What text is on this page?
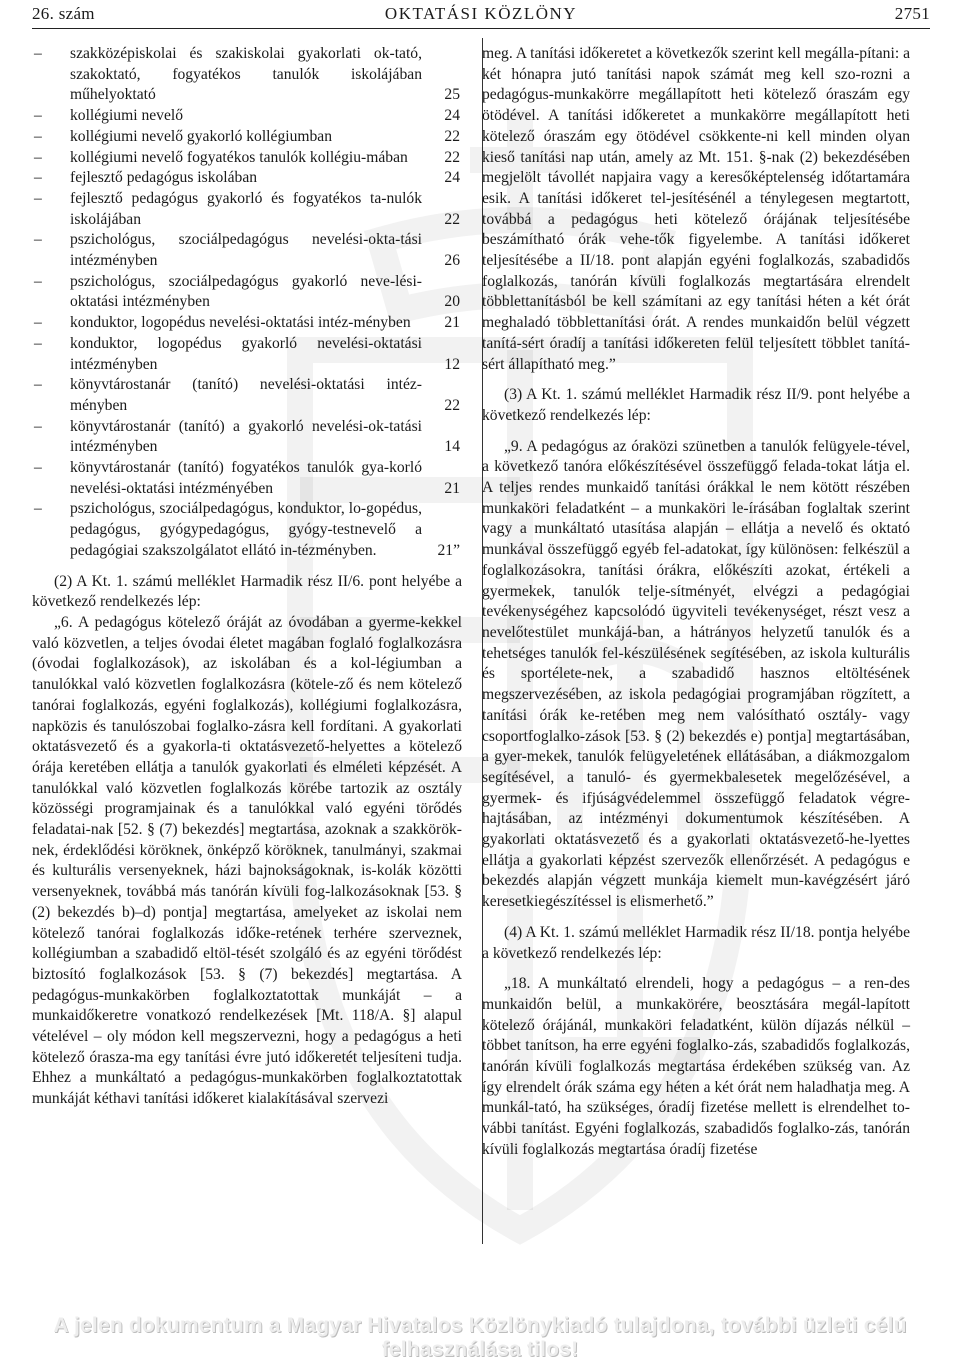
26. szám	OKTATÁSI KÖZLÖNY	2751
– szakközépiskolai és szakiskolai gyakorlati ok-tató, szakoktató, fogyatékos tanulók iskolájában műhelyoktató	25
– kollégiumi nevelő	24
– kollégiumi nevelő gyakorló kollégiumban	22
– kollégiumi nevelő fogyatékos tanulók kollégiu-mában	22
– fejlesztő pedagógus iskolában	24
– fejlesztő pedagógus gyakorló és fogyatékos ta-nulók iskolájában	22
– pszichológus, szociálpedagógus nevelési-okta-tási intézményben	26
– pszichológus, szociálpedagógus gyakorló neve-lési-oktatási intézményben	20
– konduktor, logopédus nevelési-oktatási intéz-ményben	21
– konduktor, logopédus gyakorló nevelési-oktatási intézményben	12
– könyvtárostanár (tanító) nevelési-oktatási intéz-ményben	22
– könyvtárostanár (tanító) a gyakorló nevelési-ok-tatási intézményben	14
– könyvtárostanár (tanító) fogyatékos tanulók gya-korló nevelési-oktatási intézményében	21
– pszichológus, szociálpedagógus, konduktor, lo-gopédus, pedagógus, gyógypedagógus, gyógy-testnevelő a pedagógiai szakszolgálatot ellátó in-tézményben.	21”

(2) A Kt. 1. számú melléklet Harmadik rész II/6. pont helyébe a következő rendelkezés lép:

„6. A pedagógus kötelező óráját az óvodában a gyerme-kekkel való közvetlen, a teljes óvodai életet magában foglaló foglalkozásra (óvodai foglalkozások), az iskolában és a kol-légiumban a tanulókkal való közvetlen foglalkozásra (kötele-ző és nem kötelező tanórai foglalkozás, egyéni foglalkozás), kollégiumi foglalkozásra, napközis és tanulószobai foglalko-zásra kell fordítani. A gyakorlati oktatásvezető és a gyakorla-ti oktatásvezető-helyettes a kötelező órája keretében ellátja a tanulók gyakorlati és elméleti képzését. A tanulókkal való közvetlen foglalkozás körébe tartozik az osztály közösségi programjainak és a tanulókkal való egyéni törődés feladatai-nak [52. § (7) bekezdés] megtartása, azoknak a szakkörök-nek, érdeklődési köröknek, önképző köröknek, tanulmányi, szakmai és kulturális versenyeknek, házi bajnokságoknak, is-kolák közötti versenyeknek, továbbá más tanórán kívüli fog-lalkozásoknak [53. § (2) bekezdés b)–d) pontja] megtartása, amelyeket az iskolai nem kötelező tanórai foglalkozás időke-retének terhére szerveznek, kollégiumban a szabadidő eltöl-tését szolgáló és az egyéni törődést biztosító foglalkozások [53. § (7) bekezdés] megtartása. A pedagógus-munkakörben foglalkoztatottak munkáját – a munkaidőkeretre vonatkozó rendelkezések [Mt. 118/A. §] alapul vételével – oly módon kell megszervezni, hogy a pedagógus a heti kötelező órasza-ma egy tanítási évre jutó időkeretét teljesíteni tudja. Ehhez a munkáltató a pedagógus-munkakörben foglalkoztatottak munkáját kéthavi tanítási időkeret kialakításával szervezi

meg. A tanítási időkeretet a következők szerint kell megálla-pítani: a két hónapra jutó tanítási napok számát meg kell szo-rozni a pedagógus-munkakörre megállapított heti kötelező óraszám egy ötödével. A tanítási időkeretet a munkakörre megállapított heti kötelező óraszám egy ötödével csökkente-ni kell minden olyan kieső tanítási nap után, amely az Mt. 151. §-nak (2) bekezdésében megjelölt távollét napjaira vagy a keresőképtelenség időtartamára esik. A tanítási időkeret tel-jesítésénél a ténylegesen megtartott, továbbá a pedagógus heti kötelező órájának teljesítésébe beszámítható órák vehe-tők figyelembe. A tanítási időkeret teljesítésébe a II/18. pont alapján egyéni foglalkozás, szabadidős foglalkozás, tanórán kívüli foglalkozás megtartására elrendelt többlettanításból be kell számítani az egy tanítási héten a két órát meghaladó többlettanítási órát. A rendes munkaidőn belül végzett tanítá-sért óradíj a tanítási időkereten felül teljesített többlet tanítá-sért állapítható meg.”

(3) A Kt. 1. számú melléklet Harmadik rész II/9. pont helyébe a következő rendelkezés lép:

„9. A pedagógus az óraközi szünetben a tanulók felügyele-tével, a következő tanóra előkészítésével összefüggő felada-tokat látja el. A teljes rendes munkaidő tanítási órákkal le nem kötött részében munkaköri feladatként – a munkaköri le-írásában foglaltak szerint vagy a munkáltató utasítása alapján – ellátja a nevelő és oktató munkával összefüggő egyéb fel-adatokat, így különösen: felkészül a foglalkozásokra, tanítási órákra, előkészíti azokat, értékeli a gyermekek, tanulók telje-sítményét, elvégzi a pedagógiai tevékenységéhez kapcsolódó ügyviteli tevékenységet, részt vesz a nevelőtestület munkájá-ban, a hátrányos helyzetű tanulók és a tehetséges tanulók fel-készülésének segítésében, az iskola kulturális és sportélete-nek, a szabadidő hasznos eltöltésének megszervezésében, az iskola pedagógiai programjában rögzített, a tanítási órák ke-retében meg nem valósítható osztály- vagy csoportfoglalko-zások [53. § (2) bekezdés e) pontja] megtartásában, a gyer-mekek, tanulók felügyeletének ellátásában, a diákmozgalom segítésével, a tanuló- és gyermekbalesetek megelőzésével, a gyermek- és ifjúságvédelemmel összefüggő feladatok végre-hajtásában, az intézményi dokumentumok készítésében. A gyakorlati oktatásvezető és a gyakorlati oktatásvezető-he-lyettes ellátja a gyakorlati képzést szervezők ellenőrzését. A pedagógus e bekezdés alapján végzett munkája kiemelt mun-kavégzésért járó keresetkiegészítéssel is elismerhető.”

(4) A Kt. 1. számú melléklet Harmadik rész II/18. pontja helyébe a következő rendelkezés lép:

„18. A munkáltató elrendeli, hogy a pedagógus – a ren-des munkaidőn belül, a munkakörére, beosztására megál-lapított kötelező órájánál, munkaköri feladatként, külön díjazás nélkül – többet tanítson, ha erre egyéni foglalko-zás, szabadidős foglalkozás, tanórán kívüli foglalkozás megtartása érdekében szükség van. Az így elrendelt órák száma egy héten a két órát nem haladhatja meg. A munkál-tató, ha szükséges, óradíj fizetése mellett is elrendelhet to-vábbi tanítást. Egyéni foglalkozás, szabadidős foglalko-zás, tanórán kívüli foglalkozás megtartása óradíj fizetése

A jelen dokumentum a Magyar Hivatalos Közlönykiadó tulajdona, további üzleti célú felhasználása tilos!
